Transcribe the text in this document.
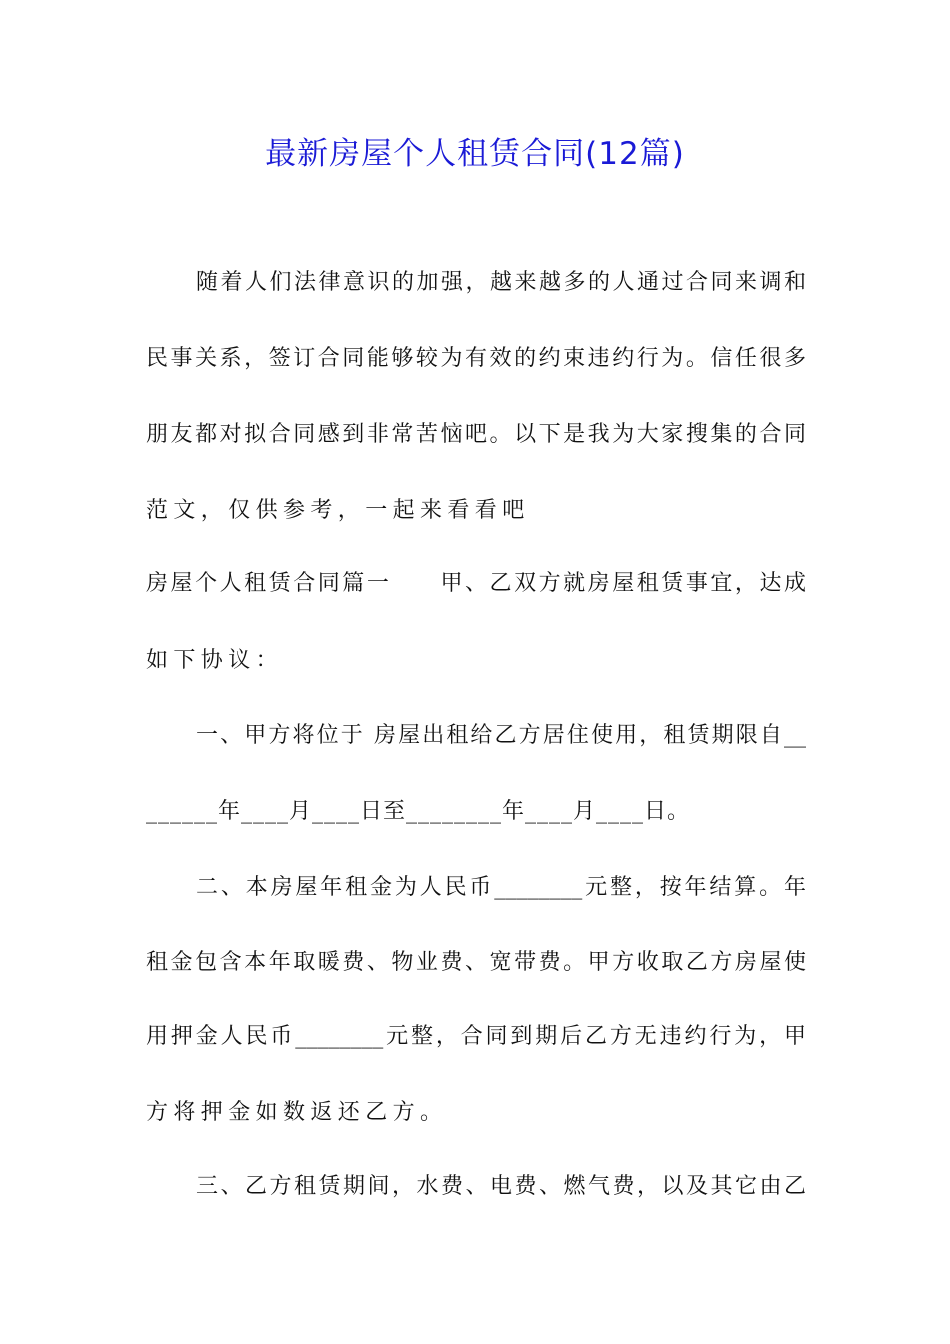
最新房屋个人租赁合同(12篇)
随着人们法律意识的加强，越来越多的人通过合同来调和
民事关系，签订合同能够较为有效的约束违约行为。信任很多
朋友都对拟合同感到非常苦恼吧。以下是我为大家搜集的合同
范文，仅供参考，一起来看看吧
房屋个人租赁合同篇一　　甲、乙双方就房屋租赁事宜，达成
如下协议：
一、甲方将位于 房屋出租给乙方居住使用，租赁期限自__
______年____月____日至________年____月____日。
二、本房屋年租金为人民币________元整，按年结算。年
租金包含本年取暖费、物业费、宽带费。甲方收取乙方房屋使
用押金人民币________元整，合同到期后乙方无违约行为，甲
方将押金如数返还乙方。
三、乙方租赁期间，水费、电费、燃气费，以及其它由乙
